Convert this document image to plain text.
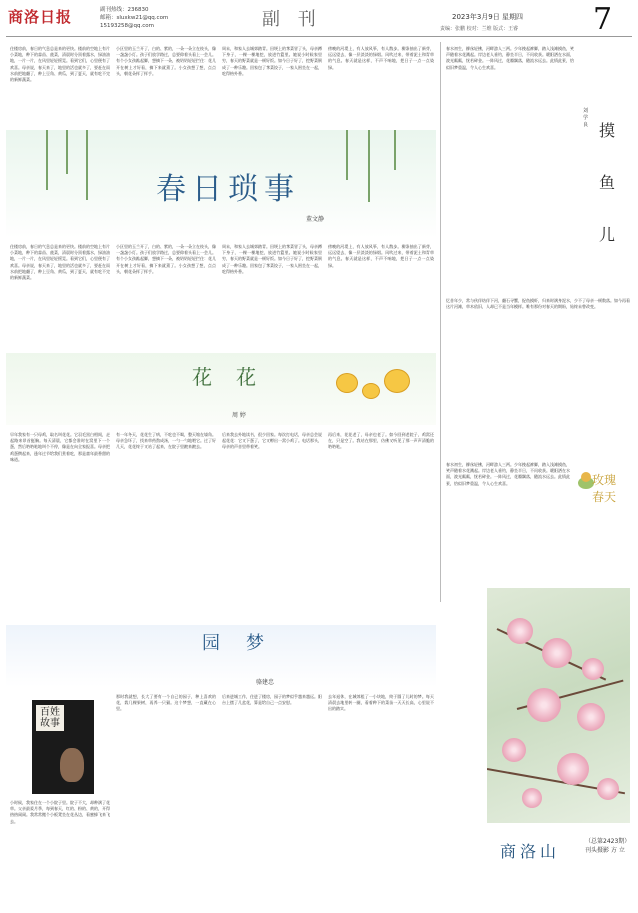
商洛日报	副刊热线：236830
邮箱：sluxkw21@qq.com
15193258@qq.com	副 刊	2023年3月9日 星期四 7
责编：张鹏 校对：兰维 版式：王睿
春水初生，柳丝轻拂，河畔游人三两。少年挽起裤脚，踏入浅滩摸鱼，笑声随着水花溅起。岸边老人垂钓，静坐半日，不问收获。暖阳洒在水面，波光粼粼，恍若碎金。一阵风过，花瓣飘落，随流水远去。此情此景，恰似旧梦重温，令人心生欢喜。
摸鱼儿
刘学良
忆昔年少，常与伙伴结伴下河，翻石寻蟹，捉鱼摸虾，归来时满身泥水，少不了母亲一顿数落。如今再看这片河滩，草木依旧，人却已不是当年模样。唯有那份对春天的期盼，始终未曾改变。
春水初生，柳丝轻拂，河畔游人三两。少年挽起裤脚，踏入浅滩摸鱼，笑声随着水花溅起。岸边老人垂钓，静坐半日，不问收获。暖阳洒在水面，波光粼粼，恍若碎金。一阵风过，花瓣飘落，随流水远去。此情此景，恰似旧梦重温，令人心生欢喜。	玫瑰春天
商洛山
（总第2423期）
刊头摄影 方 立
住楼房前，春日的气息总是来的更快。楼前的空地上有片小菜地，种下的蒜苗、菠菜，清晨时分顶着露水，绿油油地，一片一片，在风里轻轻摇晃。看到它们，心里便有了欢喜。母亲说，春天来了，地里的活也就多了，要赶在雨水前把地翻了，种上豆角、黄瓜，到了夏天，就有吃不完的新鲜蔬菜。
小区里的玉兰开了，白的、紫的，一朵一朵立在枝头，像一盏盏小灯。孩子们放学路过，总要仰着头看上一会儿。有个小女孩踮起脚，想摘下一朵，被奶奶轻轻拦住：花儿开在树上才好看，摘下来就蔫了。小女孩想了想，点点头，朝花朵挥了挥手。
周末，和家人去城郊踏青。田埂上的荠菜冒了头，母亲蹲下身子，一棵一棵地挖，放进竹篮里。她说小时候家里穷，春天的野菜就是一顿好饭。如今日子好了，挖野菜倒成了一种乐趣。回家包了荠菜饺子，一家人围坐在一起，吃得格外香。
傍晚的河堤上，有人放风筝，有人散步。柳条抽出了新芽，远远望去，像一层淡淡的绿烟。风吹过来，带着泥土和青草的气息。春天就是这样，不声不响地，把日子一点一点染绿。
春日琐事
董文静
住楼房前，春日的气息总是来的更快。楼前的空地上有片小菜地，种下的蒜苗、菠菜，清晨时分顶着露水，绿油油地，一片一片，在风里轻轻摇晃。看到它们，心里便有了欢喜。母亲说，春天来了，地里的活也就多了，要赶在雨水前把地翻了，种上豆角、黄瓜，到了夏天，就有吃不完的新鲜蔬菜。
小区里的玉兰开了，白的、紫的，一朵一朵立在枝头，像一盏盏小灯。孩子们放学路过，总要仰着头看上一会儿。有个小女孩踮起脚，想摘下一朵，被奶奶轻轻拦住：花儿开在树上才好看，摘下来就蔫了。小女孩想了想，点点头，朝花朵挥了挥手。
周末，和家人去城郊踏青。田埂上的荠菜冒了头，母亲蹲下身子，一棵一棵地挖，放进竹篮里。她说小时候家里穷，春天的野菜就是一顿好饭。如今日子好了，挖野菜倒成了一种乐趣。回家包了荠菜饺子，一家人围坐在一起，吃得格外香。
傍晚的河堤上，有人放风筝，有人散步。柳条抽出了新芽，远远望去，像一层淡淡的绿烟。风吹过来，带着泥土和青草的气息。春天就是这样，不声不响地，把日子一点一点染绿。
花花
周 婷
早年我家有一只母鸡，取名叫花花。它羽毛黑白相间，走起路来昂首挺胸。每天清晨，它都会准时在窝里下一个蛋，然后咯咯哒地叫个不停，像是在向全家报喜。母亲把鸡蛋攒起来，逢年过节给我们煮着吃，那是童年最香甜的味道。
有一年冬天，花花生了病，不吃也不喝，整天缩在墙角。母亲急坏了，找来草药熬成汤，一勺一勺地喂它。过了好几天，花花终于又站了起来，在院子里踱来踱去。
后来我去外地读书，很少回家。每次打电话，母亲总会说起花花：它又下蛋了，它又孵出一窝小鸡了。电话那头，母亲的声音里带着笑。
再后来，花花老了，母亲也老了。如今回到老院子，鸡窝还在，只是空了。我站在那里，仿佛又听见了那一声声清脆的咯咯哒。
园梦
骆建忠
百姓故事
小时候，我家住在一个小院子里。院子不大，却种满了花草。父亲最爱月季，每到春天，红的、粉的、黄的，开得热热闹闹。我常常搬个小板凳坐在花丛边，看蜜蜂飞来飞去。
那时我就想，长大了要有一个自己的园子，种上喜欢的花，栽几棵果树，再养一只猫。这个梦想，一直藏在心里。
后来进城工作，住进了楼房，园子的梦似乎越来越远。阳台上摆了几盆花，算是给自己一点安慰。
去年退休，在城郊租了一小块地，终于圆了儿时的梦。每天清晨去地里转一圈，看着种下的菜苗一天天长高，心里说不出的踏实。
